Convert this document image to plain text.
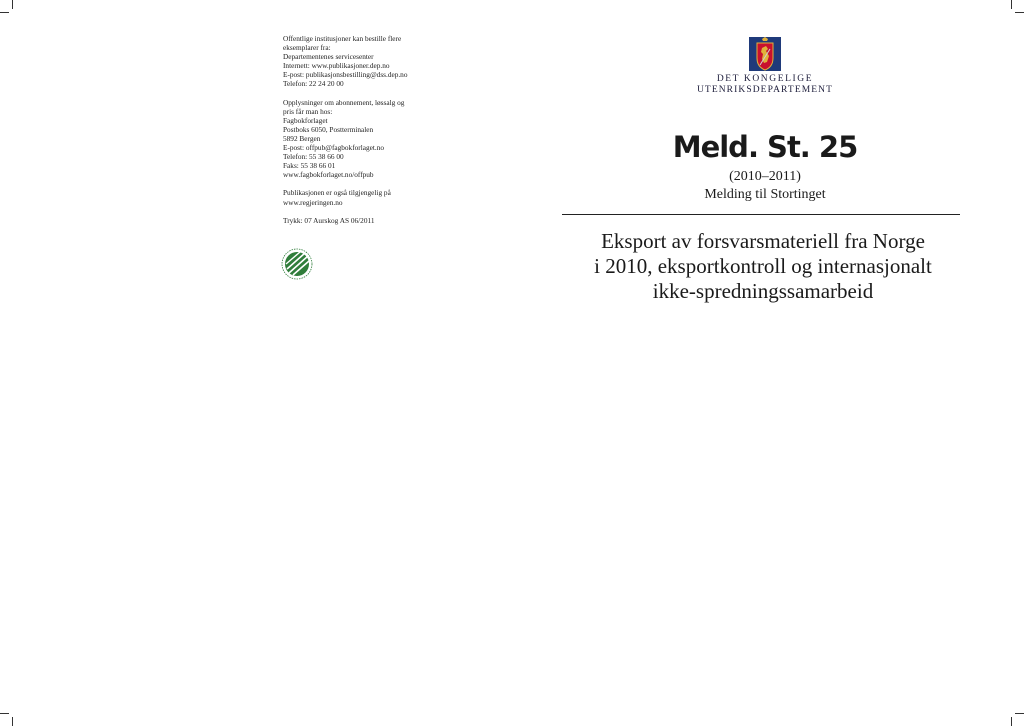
Offentlige institusjoner kan bestille flere
eksemplarer fra:
Departementenes servicesenter
Internett: www.publikasjoner.dep.no
E-post: publikasjonsbestilling@dss.dep.no
Telefon: 22 24 20 00
Opplysninger om abonnement, løssalg og
pris får man hos:
Fagbokforlaget
Postboks 6050, Postterminalen
5892 Bergen
E-post: offpub@fagbokforlaget.no
Telefon: 55 38 66 00
Faks: 55 38 66 01
www.fagbokforlaget.no/offpub
Publikasjonen er også tilgjengelig på
www.regjeringen.no
Trykk: 07 Aurskog AS 06/2011
DET KONGELIGE
UTENRIKSDEPARTEMENT
Meld. St. 25
(2010–2011)
Melding til Stortinget
Eksport av forsvarsmateriell fra Norge
i 2010, eksportkontroll og internasjonalt
ikke-spredningssamarbeid
